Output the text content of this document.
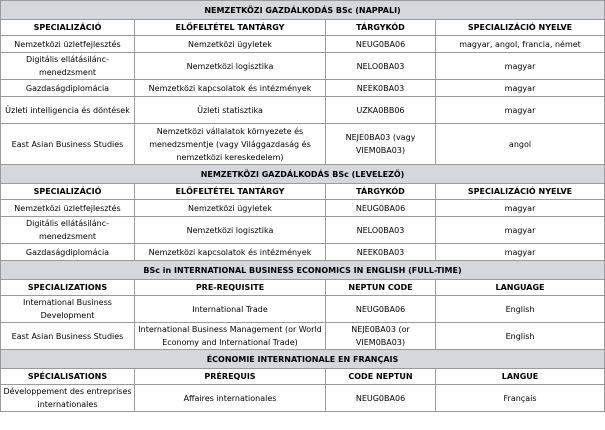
NEMZETKÖZI GAZDÁLKODÁS BSc (NAPPALI)			
SPECIALIZÁCIÓ	ELŐFELTÉTEL TANTÁRGY	TÁRGYKÓD	SPECIALIZÁCIÓ NYELVE
Nemzetközi üzletfejlesztés	Nemzetközi ügyletek	NEUG0BA06	magyar, angol, francia, német
Digitális ellátásilánc-menedzsment	Nemzetközi logisztika	NELO0BA03	magyar
Gazdaságdiplomácia	Nemzetközi kapcsolatok és intézmények	NEEK0BA03	magyar
Üzleti intelligencia és döntések	Üzleti statisztika	UZKA0BB06	magyar
East Asian Business Studies	Nemzetközi vállalatok környezete és menedzsmentje (vagy Világgazdaság és nemzetközi kereskedelem)	NEJE0BA03 (vagy VIEM0BA03)	angol
NEMZETKÖZI GAZDÁLKODÁS BSc (LEVELEZŐ)			
SPECIALIZÁCIÓ	ELŐFELTÉTEL TANTÁRGY	TÁRGYKÓD	SPECIALIZÁCIÓ NYELVE
Nemzetközi üzletfejlesztés	Nemzetközi ügyletek	NEUG0BA06	magyar
Digitális ellátásilánc-menedzsment	Nemzetközi logisztika	NELO0BA03	magyar
Gazdaságdiplomácia	Nemzetközi kapcsolatok és intézmények	NEEK0BA03	magyar
BSc in INTERNATIONAL BUSINESS ECONOMICS IN ENGLISH (FULL-TIME)			
SPECIALIZATIONS	PRE-REQUISITE	NEPTUN CODE	LANGUAGE
International Business Development	International Trade	NEUG0BA06	English
East Asian Business Studies	International Business Management (or World Economy and International Trade)	NEJE0BA03 (or VIEM0BA03)	English
ÉCONOMIE INTERNATIONALE EN FRANÇAIS			
SPÉCIALISATIONS	PRÉREQUIS	CODE NEPTUN	LANGUE
Développement des entreprises internationales	Affaires internationales	NEUG0BA06	Français
